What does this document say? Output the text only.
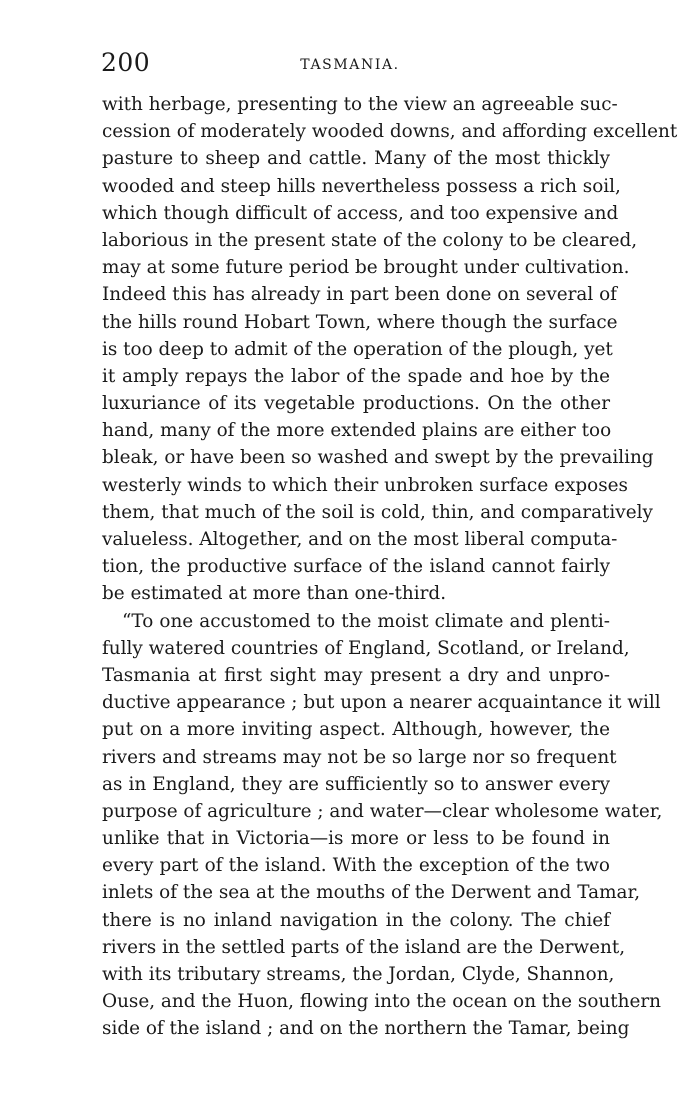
200	TASMANIA.
with herbage, presenting to the view an agreeable suc-
cession of moderately wooded downs, and affording excellent
pasture to sheep and cattle. Many of the most thickly
wooded and steep hills nevertheless possess a rich soil,
which though difficult of access, and too expensive and
laborious in the present state of the colony to be cleared,
may at some future period be brought under cultivation.
Indeed this has already in part been done on several of
the hills round Hobart Town, where though the surface
is too deep to admit of the operation of the plough, yet
it amply repays the labor of the spade and hoe by the
luxuriance of its vegetable productions. On the other
hand, many of the more extended plains are either too
bleak, or have been so washed and swept by the prevailing
westerly winds to which their unbroken surface exposes
them, that much of the soil is cold, thin, and comparatively
valueless. Altogether, and on the most liberal computa-
tion, the productive surface of the island cannot fairly
be estimated at more than one-third.
“To one accustomed to the moist climate and plenti-
fully watered countries of England, Scotland, or Ireland,
Tasmania at first sight may present a dry and unpro-
ductive appearance ; but upon a nearer acquaintance it will
put on a more inviting aspect. Although, however, the
rivers and streams may not be so large nor so frequent
as in England, they are sufficiently so to answer every
purpose of agriculture ; and water—clear wholesome water,
unlike that in Victoria—is more or less to be found in
every part of the island. With the exception of the two
inlets of the sea at the mouths of the Derwent and Tamar,
there is no inland navigation in the colony. The chief
rivers in the settled parts of the island are the Derwent,
with its tributary streams, the Jordan, Clyde, Shannon,
Ouse, and the Huon, flowing into the ocean on the southern
side of the island ; and on the northern the Tamar, being
